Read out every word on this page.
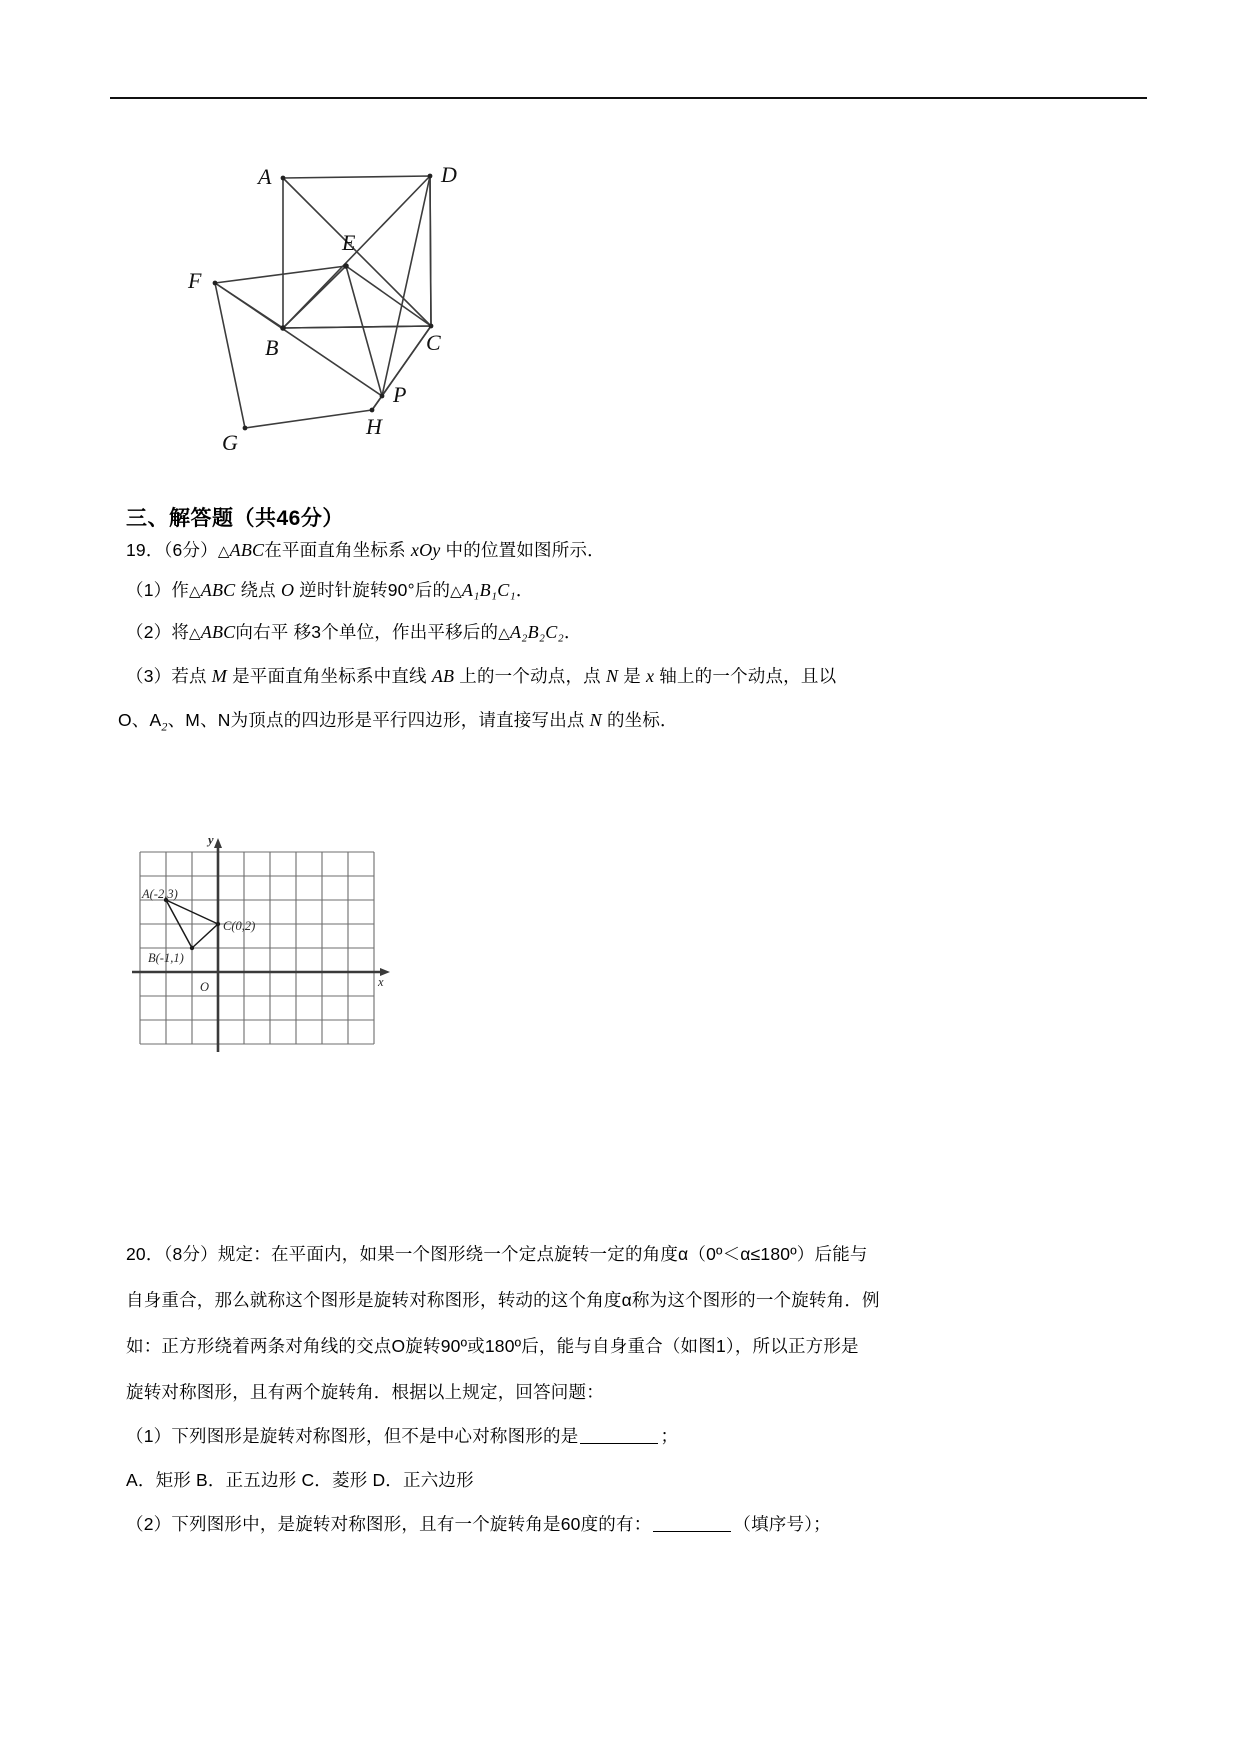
A	D
E
F
B	C
P
H
G
三、解答题（共46分）
19．（6分）△ABC在平面直角坐标系 xOy 中的位置如图所示．
（1）作△ABC 绕点 O 逆时针旋转90°后的△A₁B₁C₁．
（2）将△ABC向右平 移3个单位，作出平移后的△A₂B₂C₂．
（3）若点 M 是平面直角坐标系中直线 AB 上的一个动点，点 N 是 x 轴上的一个动点，且以
O、$A_2$、M、N为顶点的四边形是平行四边形，请直接写出点 N 的坐标．
A(-2,3)
C(0,2)
B(-1,1)
O
y
x
20．（8分）规定：在平面内，如果一个图形绕一个定点旋转一定的角度α（0º＜α≤180º）后能与
自身重合，那么就称这个图形是旋转对称图形，转动的这个角度α称为这个图形的一个旋转角．例
如：正方形绕着两条对角线的交点O旋转90º或180º后，能与自身重合（如图1），所以正方形是
旋转对称图形，且有两个旋转角．根据以上规定，回答问题：
（1）下列图形是旋转对称图形，但不是中心对称图形的是	；
A．矩形 B．正五边形 C．菱形 D．正六边形
（2）下列图形中，是旋转对称图形，且有一个旋转角是60度的有：	（填序号）；
